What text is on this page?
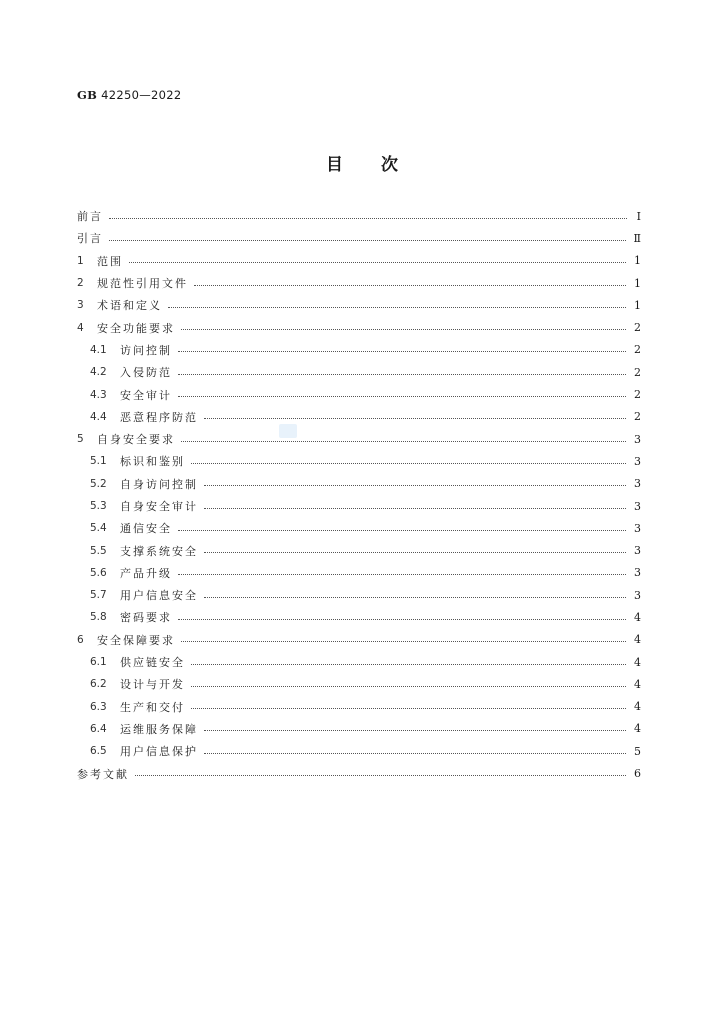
GB 42250—2022
目次
前言	Ⅰ
引言	Ⅱ
1	范围	1
2	规范性引用文件	1
3	术语和定义	1
4	安全功能要求	2
4.1	访问控制	2
4.2	入侵防范	2
4.3	安全审计	2
4.4	恶意程序防范	2
5	自身安全要求	3
5.1	标识和鉴别	3
5.2	自身访问控制	3
5.3	自身安全审计	3
5.4	通信安全	3
5.5	支撑系统安全	3
5.6	产品升级	3
5.7	用户信息安全	3
5.8	密码要求	4
6	安全保障要求	4
6.1	供应链安全	4
6.2	设计与开发	4
6.3	生产和交付	4
6.4	运维服务保障	4
6.5	用户信息保护	5
参考文献	6
